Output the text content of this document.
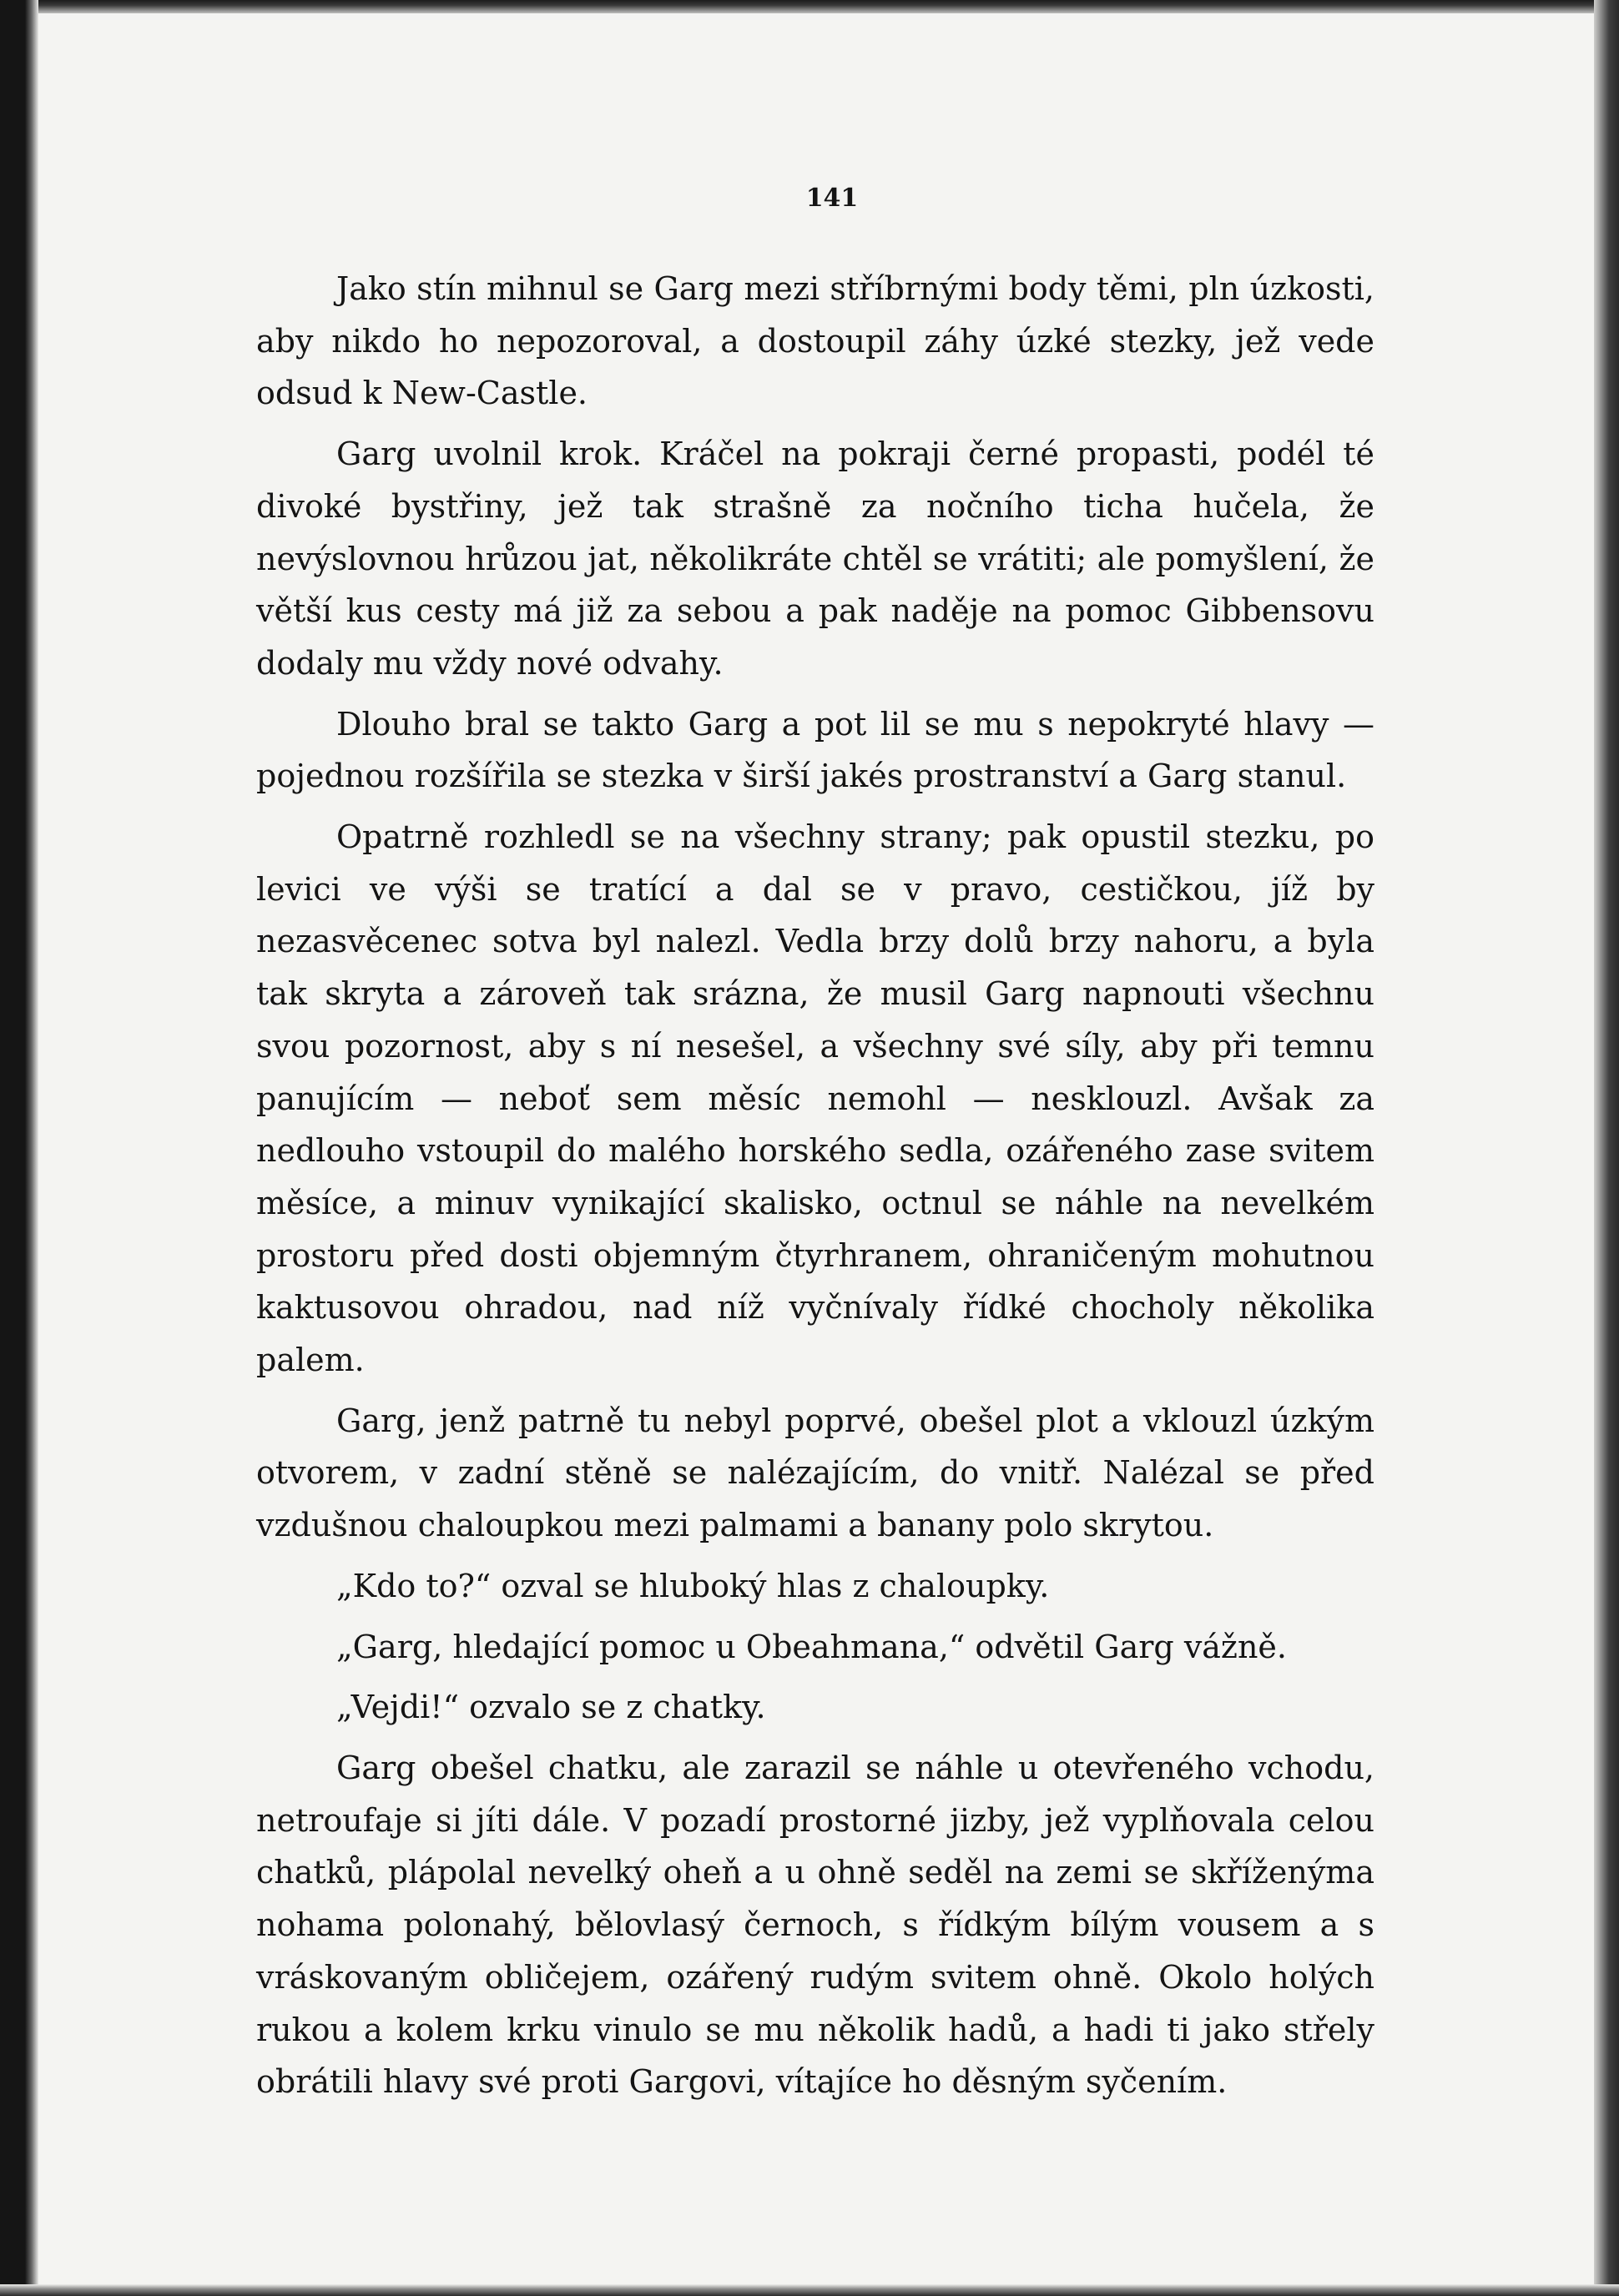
141

Jako stín mihnul se Garg mezi stříbrnými body těmi, pln úzkosti, aby nikdo ho nepozoroval, a dostoupil záhy úzké stezky, jež vede odsud k New-Castle.

Garg uvolnil krok. Kráčel na pokraji černé propasti, podél té divoké bystřiny, jež tak strašně za nočního ticha hučela, že nevýslovnou hrůzou jat, několikráte chtěl se vrátiti; ale pomyšlení, že větší kus cesty má již za sebou a pak naděje na pomoc Gibbensovu dodaly mu vždy nové odvahy.

Dlouho bral se takto Garg a pot lil se mu s nepokryté hlavy — pojednou rozšířila se stezka v širší jakés prostranství a Garg stanul.

Opatrně rozhledl se na všechny strany; pak opustil stezku, po levici ve výši se tratící a dal se v pravo, cestičkou, jíž by nezasvěcenec sotva byl nalezl. Vedla brzy dolů brzy nahoru, a byla tak skryta a zároveň tak srázna, že musil Garg napnouti všechnu svou pozornost, aby s ní nesešel, a všechny své síly, aby při temnu panujícím — neboť sem měsíc nemohl — nesklouzl. Avšak za nedlouho vstoupil do malého horského sedla, ozářeného zase svitem měsíce, a minuv vynikající skalisko, octnul se náhle na nevelkém prostoru před dosti objemným čtyrhranem, ohraničeným mohutnou kaktusovou ohradou, nad níž vyčnívaly řídké chocholy několika palem.

Garg, jenž patrně tu nebyl poprvé, obešel plot a vklouzl úzkým otvorem, v zadní stěně se nalézajícím, do vnitř. Nalézal se před vzdušnou chaloupkou mezi palmami a banany polo skrytou.

„Kdo to?“ ozval se hluboký hlas z chaloupky.

„Garg, hledající pomoc u Obeahmana,“ odvětil Garg vážně.

„Vejdi!“ ozvalo se z chatky.

Garg obešel chatku, ale zarazil se náhle u otevřeného vchodu, netroufaje si jíti dále. V pozadí prostorné jizby, jež vyplňovala celou chatků, plápolal nevelký oheň a u ohně seděl na zemi se skříženýma nohama polonahý, bělovlasý černoch, s řídkým bílým vousem a s vráskovaným obličejem, ozářený rudým svitem ohně. Okolo holých rukou a kolem krku vinulo se mu několik hadů, a hadi ti jako střely obrátili hlavy své proti Gargovi, vítajíce ho děsným syčením.
